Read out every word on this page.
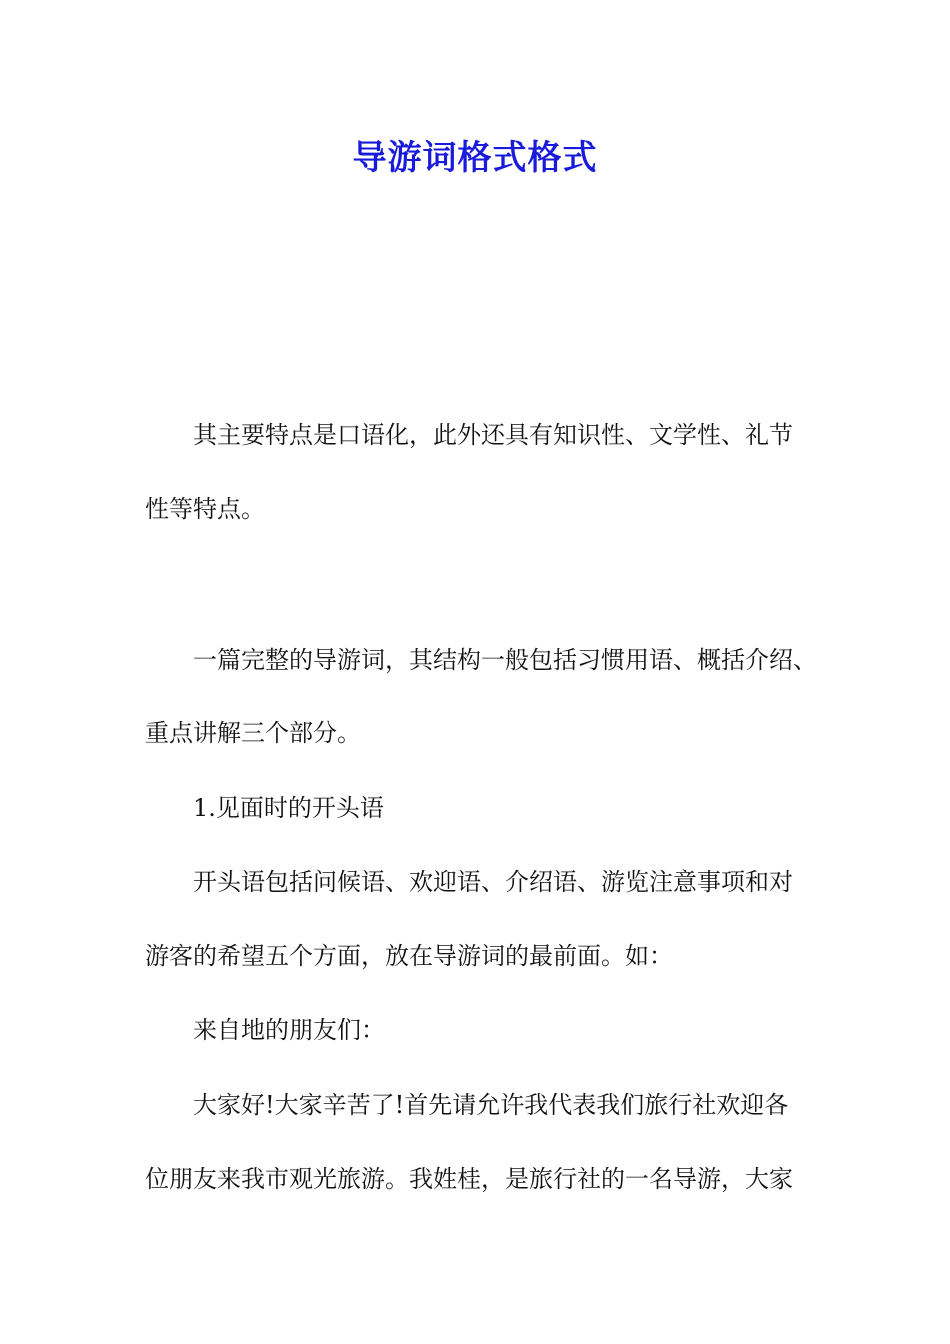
导游词格式格式

其主要特点是口语化，此外还具有知识性、文学性、礼节

性等特点。

一篇完整的导游词，其结构一般包括习惯用语、概括介绍、

重点讲解三个部分。

1.见面时的开头语

开头语包括问候语、欢迎语、介绍语、游览注意事项和对

游客的希望五个方面，放在导游词的最前面。如：

来自地的朋友们：

大家好!大家辛苦了!首先请允许我代表我们旅行社欢迎各

位朋友来我市观光旅游。我姓桂，是旅行社的一名导游，大家
